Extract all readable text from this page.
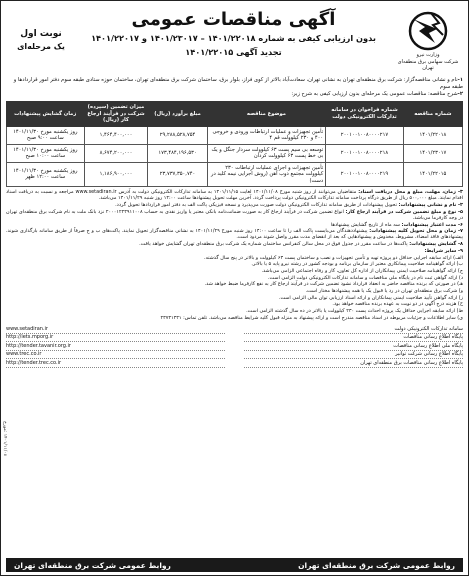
وزارت نیرو
شرکت سهامی برق منطقه‌ای تهران
آگهی مناقصات عمومی
بدون ارزیابی کیفی به شماره ۱۴۰۱/۲۲۰۱۸ – ۱۴۰۱/۲۳۰۱۷ و ۱۴۰۱/۲۲۰۱۷
تجدید آگهی ۱۴۰۱/۲۲۰۱۵
نوبت اول
یک مرحله‌ای

۱-نام و نشانی مناقصه‌گزار: شرکت برق منطقه‌ای تهران به نشانی تهران، سعادت‌آباد بالاتر از کوی فراز، بلوار برق، ساختمان شرکت برق منطقه‌ای تهران، ساختمان حوزه ستادی طبقه سوم دفتر امور قراردادها و طبقه سوم

۲-شرح مناقصه: مناقصات عمومی یک مرحله‌ای بدون ارزیابی کیفی به شرح زیر:

شماره مناقصه	شماره فراخوان در سامانه تدارکات الکترونیکی دولت	موضوع مناقصه	مبلغ برآورد (ریال)	میزان تضمین (سپرده) شرکت در فرآیند ارجاع کار (ریال)	زمان گشایش پیشنهادات
۱۴۰۱/۲۲۰۱۸	۲۰۰۱۰۰۱۰۰۸۰۰۰۰۲۱۷	تأمین تجهیزات و عملیات ارتباطات ورودی و خروجی ۴۰۰ و ۲۳۰ کیلوولت قم ۴	۲۹,۲۸۸,۵۲۸,۷۵۴	۱,۴۶۴,۴۰۰,۰۰۰	روز یکشنبه مورخ ۱۴۰۱/۱۱/۳۰ ساعت ۹:۰۰ صبح
۱۴۰۱/۲۳۰۱۷	۲۰۰۱۰۰۱۰۰۸۰۰۰۰۲۱۸	توسعه بی سیم پست ۶۳ کیلوولت سردار جنگل و یک بی خط پست ۶۳ کیلوولت کردان	۱۷۳,۴۸۴,۱۹۶,۵۳۰	۸,۶۷۴,۲۰۰,۰۰۰	روز یکشنبه مورخ ۱۴۰۱/۱۱/۳۰ ساعت ۱۰:۰۰ صبح
۱۴۰۱/۲۲۰۱۵	۲۰۰۱۰۰۱۰۰۸۰۰۰۰۲۱۹	تأمین تجهیزات و اجرای عملیات ارتباطات ۲۳۰ کیلوولت مجتمع ذوب آهن (روش اجرایی نیمه کلید در دست)	۲۳,۷۳۷,۳۵۰,۷۴۰	۱,۱۸۶,۹۰۰,۰۰۰	روز یکشنبه مورخ ۱۴۰۱/۱۱/۳۰ ساعت ۱۲:۰۰ ظهر

۳- زمان، مهلت، مبلغ و محل دریافت اسناد: متقاضیان می‌توانند از روز شنبه مورخ ۱۴۰۱/۱۱/۰۸ لغایت ۱۴۰۱/۱۱/۱۵ به سامانه تدارکات الکترونیکی دولت به آدرس www.setadiran.ir مراجعه و نسبت به دریافت اسناد اقدام نمایند. مبلغ ۵۰۰,۰۰۰ ریال از طریق درگاه پرداخت سامانه تدارکات الکترونیکی دولت پرداخت گردد. آخرین مهلت تحویل پیشنهادها ساعت ۱۴:۰۰ روز شنبه ۱۴۰۱/۱۱/۲۹ می‌باشد.

۴- نام و نشانی پیشنهادات: تحویل پیشنهادات از طریق سامانه تدارکات الکترونیکی دولت صورت می‌پذیرد و نسخه فیزیکی پاکت الف به دفتر امور قراردادها تحویل گردد.

۵- نوع و مبلغ تضمین شرکت در فرآیند ارجاع کار: انواع تضمین شرکت در فرآیند ارجاع کار به صورت ضمانت‌نامه بانکی معتبر یا واریز نقدی به حساب ۲۰۰۰۱۲۲۳۹۱۱۰۰۸ نزد بانک ملت به نام شرکت برق منطقه‌ای تهران در وجه کارفرما می‌باشد.

۶- مدت اعتبار پیشنهادات: سه ماه از تاریخ گشایش پیشنهادها

۷- زمان و محل تحویل کلیه پیشنهادات: پیشنهاددهندگان می‌بایست پاکت الف را تا ساعت ۱۴:۰۰ روز شنبه مورخ ۱۴۰۱/۱۱/۲۹ به نشانی مناقصه‌گزار تحویل نمایند. پاکت‌های ب و ج صرفاً از طریق سامانه بارگذاری شوند. پیشنهادهای فاقد امضاء، مشروط، مخدوش و پیشنهادهایی که بعد از انقضای مدت مقرر واصل شوند مردود است.

۸- گشایش پیشنهادات: پاکت‌ها در ساعت مقرر در جدول فوق در محل سالن کنفرانس ساختمان شماره یک شرکت برق منطقه‌ای تهران گشایش خواهد یافت.

۹- سایر شرایط:

الف) ارائه سابقه اجرایی حداقل دو پروژه تهیه و تأمین تجهیزات و نصب و ساختمان پست ۶۳ کیلوولت و بالاتر در پنج سال گذشته.

ب) ارائه گواهینامه صلاحیت پیمانکاری معتبر از سازمان برنامه و بودجه کشور در رشته نیرو پایه ۵ یا بالاتر.

ج) ارائه گواهینامه صلاحیت ایمنی پیمانکاران از اداره کل تعاون، کار و رفاه اجتماعی الزامی می‌باشد.

د) ارائه گواهی ثبت نام در پایگاه ملی مناقصات و سامانه تدارکات الکترونیکی دولت الزامی است.

هـ) در صورتی که برنده مناقصه حاضر به انعقاد قرارداد نشود تضمین شرکت در فرآیند ارجاع کار به نفع کارفرما ضبط خواهد شد.

و) شرکت برق منطقه‌ای تهران در رد یا قبول یک یا همه پیشنهادها مختار است.

ز) ارائه گواهی تأیید صلاحیت ایمنی پیمانکاران و ارائه اسناد ارزیابی توان مالی الزامی است.

ح) هزینه درج آگهی در دو نوبت به عهده برنده مناقصه خواهد بود.

ط) ارائه سابقه اجرایی حداقل یک پروژه احداث پست ۲۳۰ کیلوولت یا بالاتر در ده سال گذشته الزامی است.

ی) سایر اطلاعات و جزئیات مربوطه در اسناد مناقصه مندرج است و ارائه پیشنهاد به منزله قبول کلیه شرایط مناقصه می‌باشد. تلفن تماس: ۲۳۷۳۱۴۳۱

سامانه تدارکات الکترونیکی دولت
پایگاه اطلاع رسانی مناقصات
پایگاه ملی اطلاع رسانی مناقصات
پایگاه اطلاع رسانی شرکت توانیر
پایگاه اطلاع رسانی مناقصات برق منطقه‌ای تهران
www.setadiran.ir
http://iets.mporg.ir
http://tender.tavanir.org.ir
www.trec.co.ir
http://tender.trec.co.ir
۱۴۰۱/۱۱/۰۸ :مورخ
روابط عمومی شرکت برق منطقه‌ای تهران
روابط عمومی شرکت برق منطقه‌ای تهران
